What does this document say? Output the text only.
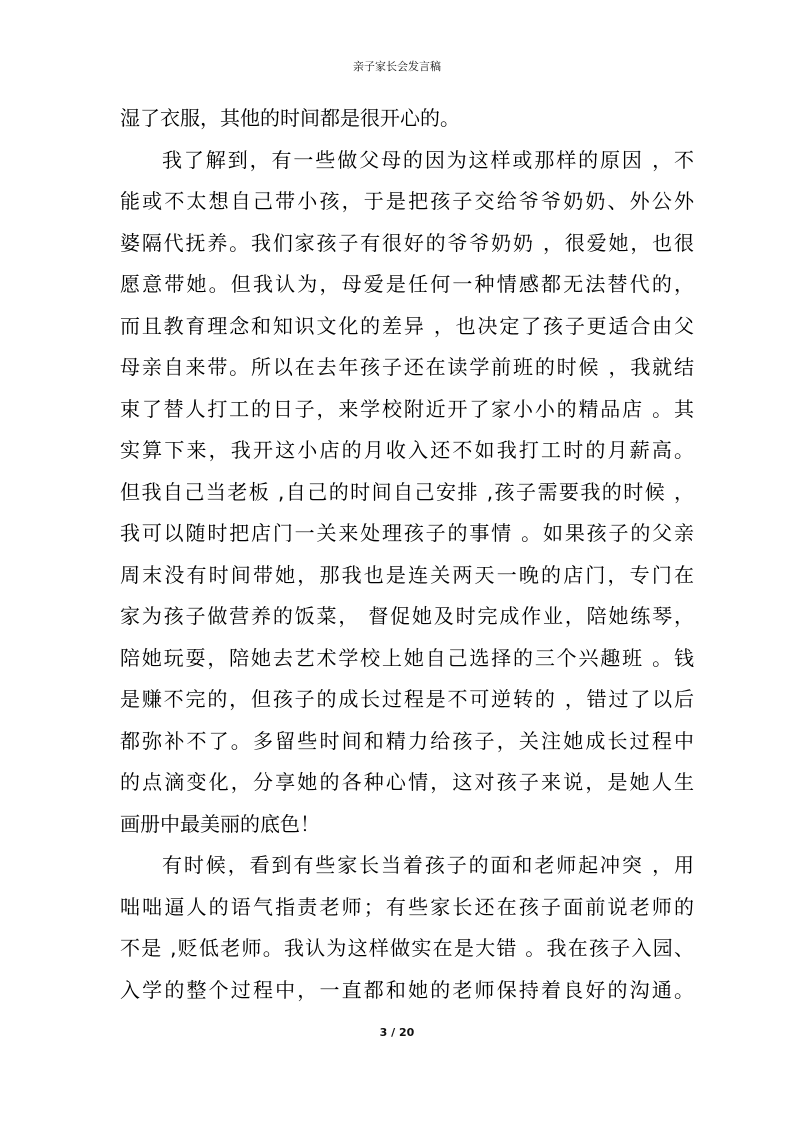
亲子家长会发言稿
湿了衣服，其他的时间都是很开心的。
我了解到，有一些做父母的因为这样或那样的原因 ，不
能或不太想自己带小孩，于是把孩子交给爷爷奶奶、外公外
婆隔代抚养。我们家孩子有很好的爷爷奶奶 ，很爱她，也很
愿意带她。但我认为，母爱是任何一种情感都无法替代的，
而且教育理念和知识文化的差异 ，也决定了孩子更适合由父
母亲自来带。所以在去年孩子还在读学前班的时候 ，我就结
束了替人打工的日子，来学校附近开了家小小的精品店 。其
实算下来，我开这小店的月收入还不如我打工时的月薪高。
但我自己当老板 ,自己的时间自己安排 ,孩子需要我的时候 ，
我可以随时把店门一关来处理孩子的事情 。如果孩子的父亲
周末没有时间带她，那我也是连关两天一晚的店门，专门在
家为孩子做营养的饭菜， 督促她及时完成作业，陪她练琴，
陪她玩耍，陪她去艺术学校上她自己选择的三个兴趣班 。钱
是赚不完的，但孩子的成长过程是不可逆转的 ，错过了以后
都弥补不了。多留些时间和精力给孩子，关注她成长过程中
的点滴变化，分享她的各种心情，这对孩子来说，是她人生
画册中最美丽的底色！
有时候，看到有些家长当着孩子的面和老师起冲突 ，用
咄咄逼人的语气指责老师；有些家长还在孩子面前说老师的
不是 ,贬低老师。我认为这样做实在是大错 。我在孩子入园、
入学的整个过程中，一直都和她的老师保持着良好的沟通。
3 / 20
